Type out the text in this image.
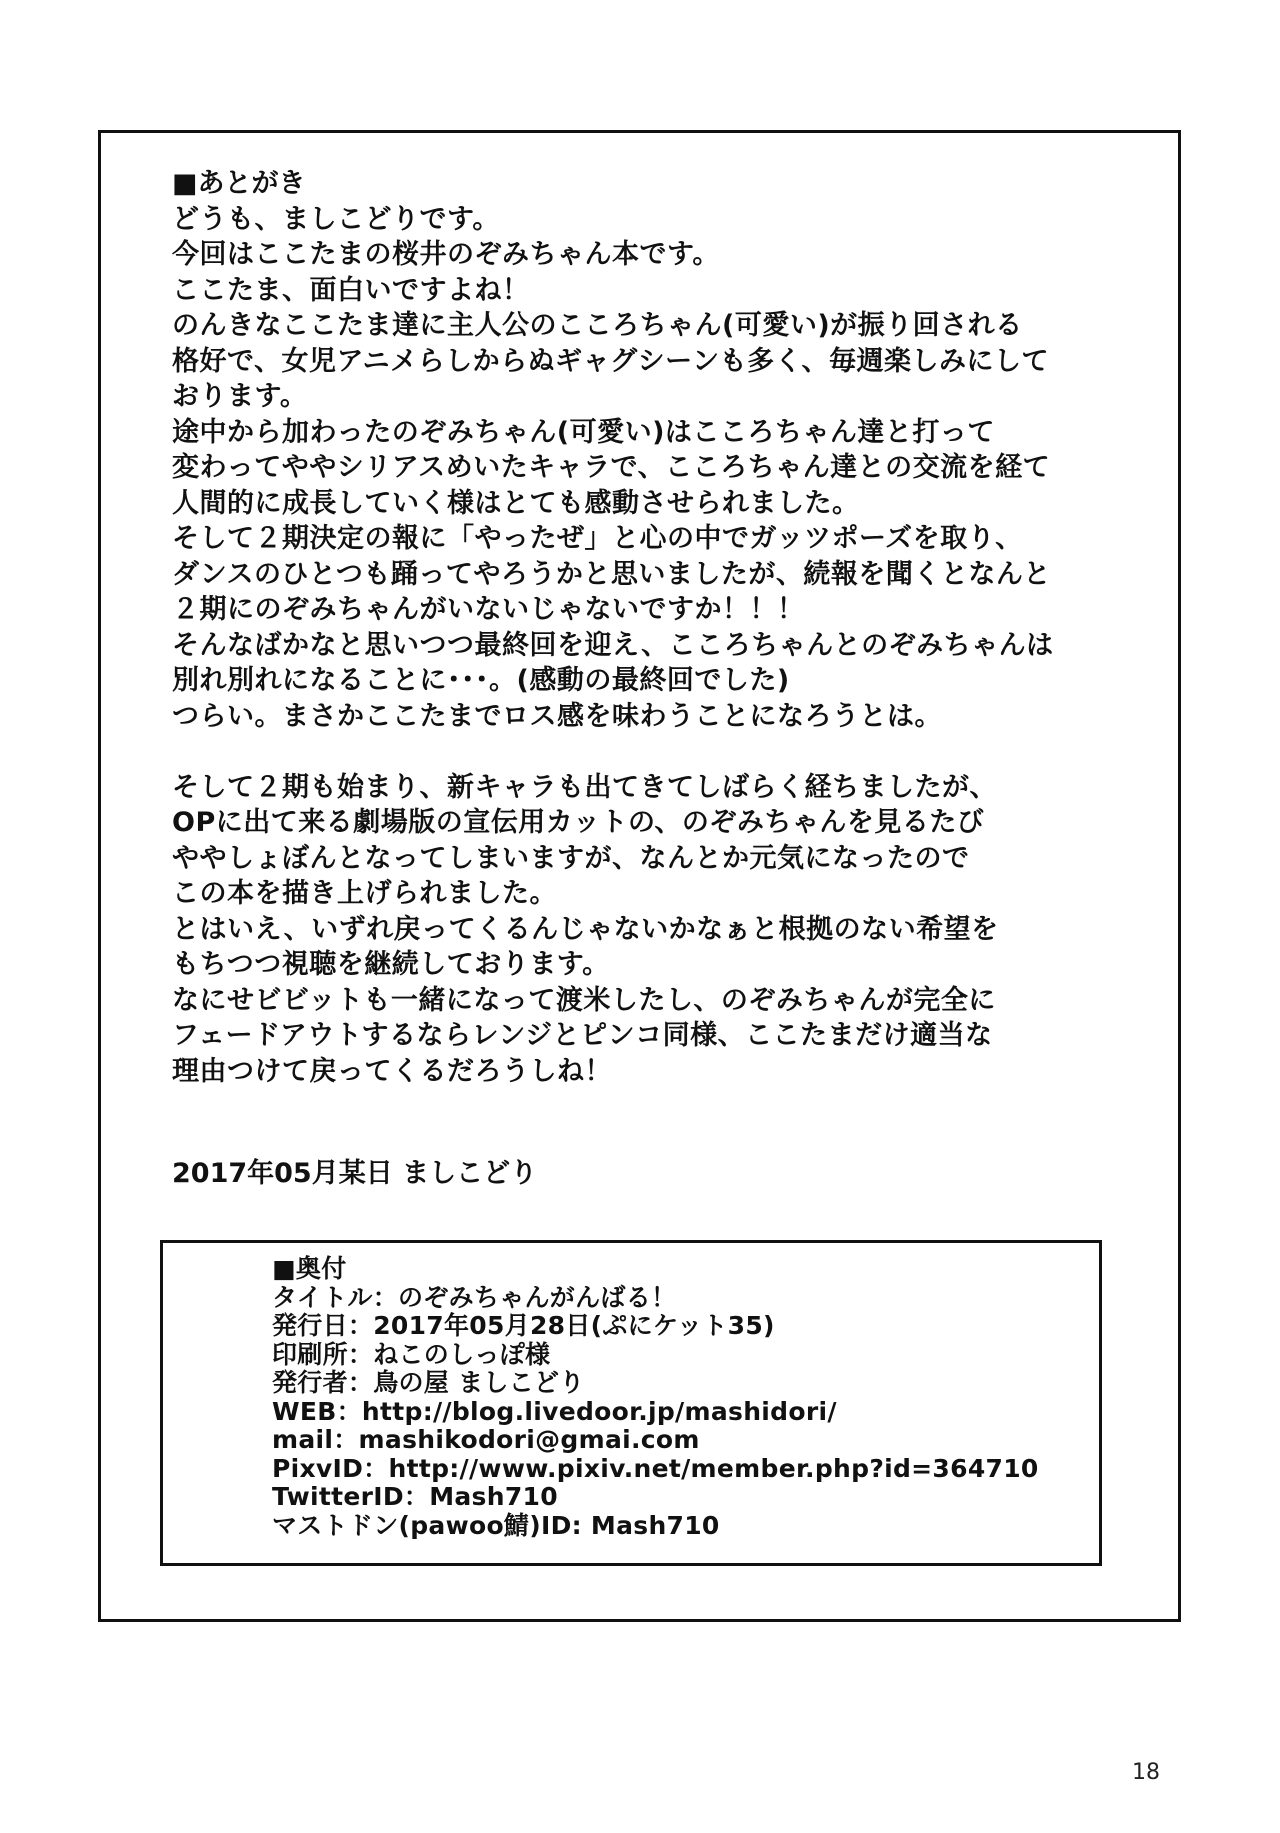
■あとがき
どうも、ましこどりです。
今回はここたまの桜井のぞみちゃん本です。
ここたま、面白いですよね！
のんきなここたま達に主人公のこころちゃん(可愛い)が振り回される
格好で、女児アニメらしからぬギャグシーンも多く、毎週楽しみにして
おります。
途中から加わったのぞみちゃん(可愛い)はこころちゃん達と打って
変わってややシリアスめいたキャラで、こころちゃん達との交流を経て
人間的に成長していく様はとても感動させられました。
そして２期決定の報に「やったぜ」と心の中でガッツポーズを取り、
ダンスのひとつも踊ってやろうかと思いましたが、続報を聞くとなんと
２期にのぞみちゃんがいないじゃないですか！！！
そんなばかなと思いつつ最終回を迎え、こころちゃんとのぞみちゃんは
別れ別れになることに･･･。(感動の最終回でした)
つらい。まさかここたまでロス感を味わうことになろうとは。
そして２期も始まり、新キャラも出てきてしばらく経ちましたが、
OPに出て来る劇場版の宣伝用カットの、のぞみちゃんを見るたび
ややしょぼんとなってしまいますが、なんとか元気になったので
この本を描き上げられました。
とはいえ、いずれ戻ってくるんじゃないかなぁと根拠のない希望を
もちつつ視聴を継続しております。
なにせビビットも一緒になって渡米したし、のぞみちゃんが完全に
フェードアウトするならレンジとピンコ同様、ここたまだけ適当な
理由つけて戻ってくるだろうしね！
2017年05月某日 ましこどり
■奥付
タイトル：のぞみちゃんがんばる！
発行日：2017年05月28日(ぷにケット35)
印刷所：ねこのしっぽ様
発行者：鳥の屋 ましこどり
WEB：http://blog.livedoor.jp/mashidori/
mail：mashikodori@gmai.com
PixvID：http://www.pixiv.net/member.php?id=364710
TwitterID：Mash710
マストドン(pawoo鯖)ID: Mash710
18
